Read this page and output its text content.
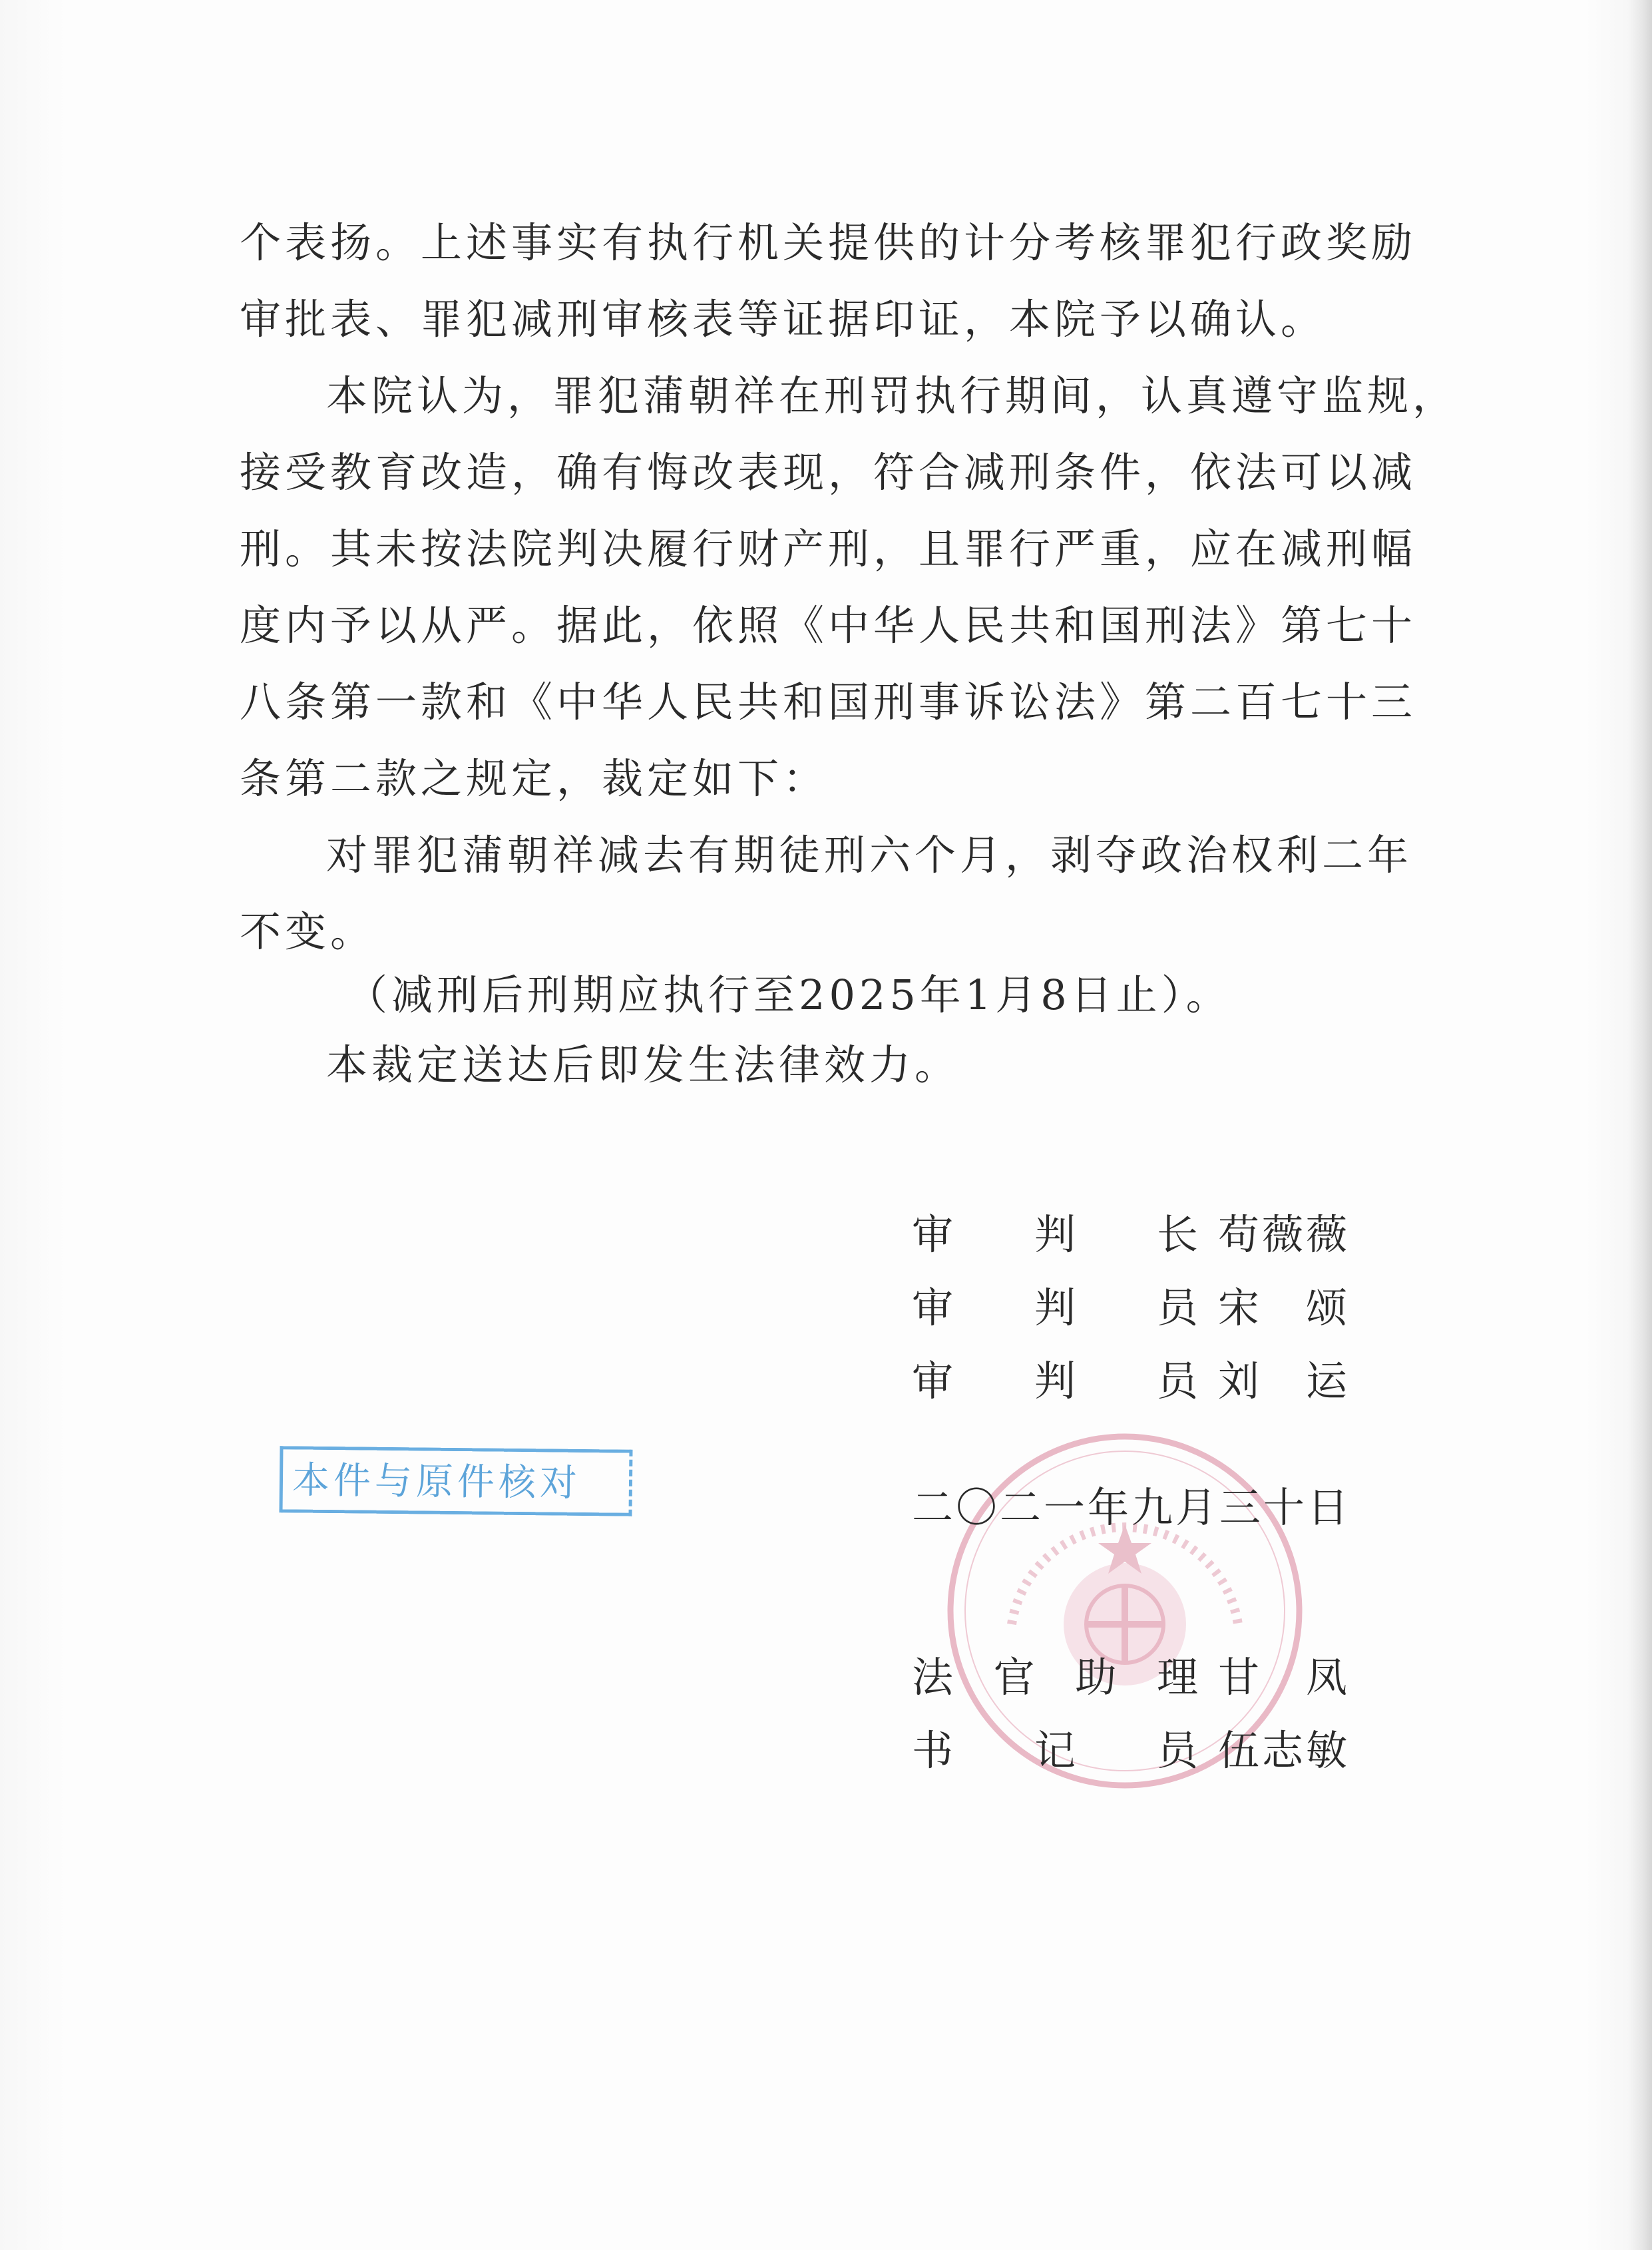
个表扬。上述事实有执行机关提供的计分考核罪犯行政奖励
审批表、罪犯减刑审核表等证据印证，本院予以确认。
本院认为，罪犯蒲朝祥在刑罚执行期间，认真遵守监规，
接受教育改造，确有悔改表现，符合减刑条件，依法可以减
刑。其未按法院判决履行财产刑，且罪行严重，应在减刑幅
度内予以从严。据此，依照《中华人民共和国刑法》第七十
八条第一款和《中华人民共和国刑事诉讼法》第二百七十三
条第二款之规定，裁定如下：
对罪犯蒲朝祥减去有期徒刑六个月，剥夺政治权利二年
不变。
（减刑后刑期应执行至2025年1月8日止）。
本裁定送达后即发生法律效力。
审 判 长 苟薇薇
审 判 员 宋　颂
审 判 员 刘　运
本件与原件核对
二〇二一年九月三十日
法 官 助 理 甘　凤
书 记 员 伍志敏
